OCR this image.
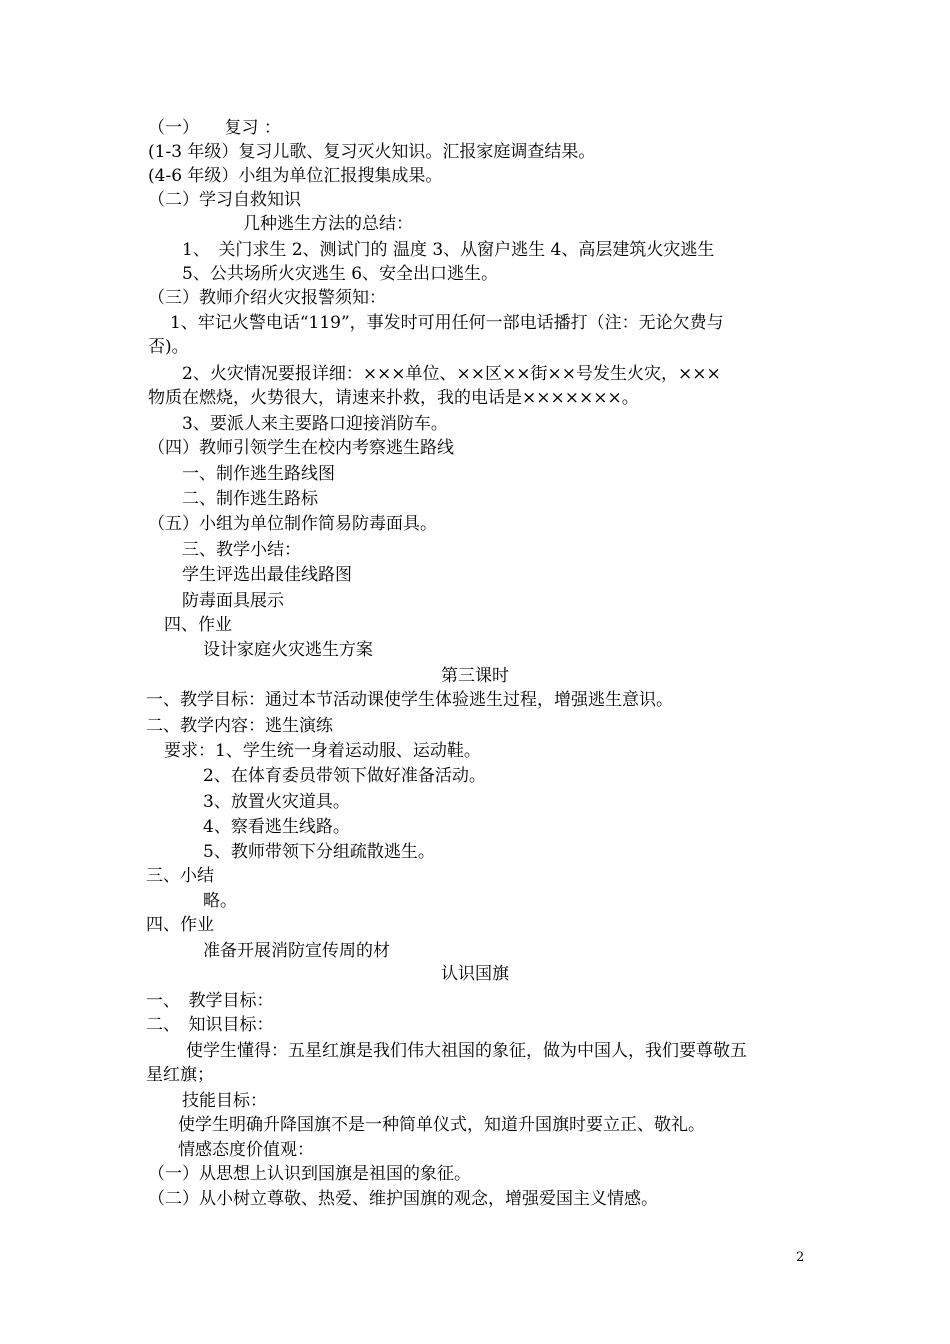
（一）　　复习 ：
(1-3 年级）复习儿歌、复习灭火知识。汇报家庭调查结果。
(4-6 年级）小组为单位汇报搜集成果。
（二）学习自救知识
几种逃生方法的总结：
1、　关门求生 2、测试门的 温度 3、从窗户逃生 4、高层建筑火灾逃生
5、公共场所火灾逃生 6、安全出口逃生。
（三）教师介绍火灾报警须知：
1、牢记火警电话“119”，事发时可用任何一部电话播打（注：无论欠费与
否)。
2、火灾情况要报详细：×××单位、××区××街××号发生火灾，×××
物质在燃烧，火势很大，请速来扑救，我的电话是×××××××。
3、要派人来主要路口迎接消防车。
（四）教师引领学生在校内考察逃生路线
一、制作逃生路线图
二、制作逃生路标
（五）小组为单位制作简易防毒面具。
三、教学小结：
学生评选出最佳线路图
防毒面具展示
四、作业
设计家庭火灾逃生方案
第三课时
一、教学目标：通过本节活动课使学生体验逃生过程，增强逃生意识。
二、教学内容：逃生演练
要求：1、学生统一身着运动服、运动鞋。
2、在体育委员带领下做好准备活动。
3、放置火灾道具。
4、察看逃生线路。
5、教师带领下分组疏散逃生。
三、小结
略。
四、作业
准备开展消防宣传周的材
认识国旗
一、　教学目标：
二、　知识目标：
使学生懂得：五星红旗是我们伟大祖国的象征，做为中国人，我们要尊敬五
星红旗；
技能目标：
使学生明确升降国旗不是一种简单仪式，知道升国旗时要立正、敬礼。
情感态度价值观：
（一）从思想上认识到国旗是祖国的象征。
（二）从小树立尊敬、热爱、维护国旗的观念，增强爱国主义情感。
2
